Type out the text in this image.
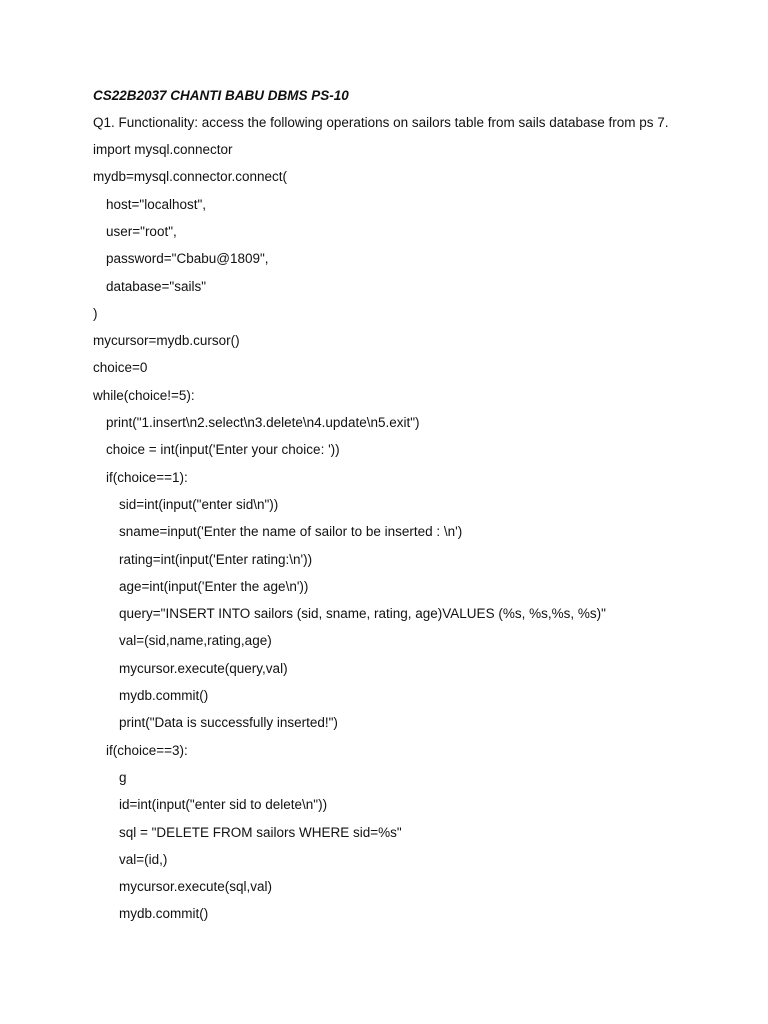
CS22B2037 CHANTI BABU DBMS PS-10
Q1. Functionality: access the following operations on sailors table from sails database from ps 7.
import mysql.connector
mydb=mysql.connector.connect(
host="localhost",
user="root",
password="Cbabu@1809",
database="sails"
)
mycursor=mydb.cursor()
choice=0
while(choice!=5):
print("1.insert\n2.select\n3.delete\n4.update\n5.exit")
choice = int(input('Enter your choice: '))
if(choice==1):
sid=int(input("enter sid\n"))
sname=input('Enter the name of sailor to be inserted : \n')
rating=int(input('Enter rating:\n'))
age=int(input('Enter the age\n'))
query="INSERT INTO sailors (sid, sname, rating, age)VALUES (%s, %s,%s, %s)"
val=(sid,name,rating,age)
mycursor.execute(query,val)
mydb.commit()
print("Data is successfully inserted!")
if(choice==3):
g
id=int(input("enter sid to delete\n"))
sql = "DELETE FROM sailors WHERE sid=%s"
val=(id,)
mycursor.execute(sql,val)
mydb.commit()
